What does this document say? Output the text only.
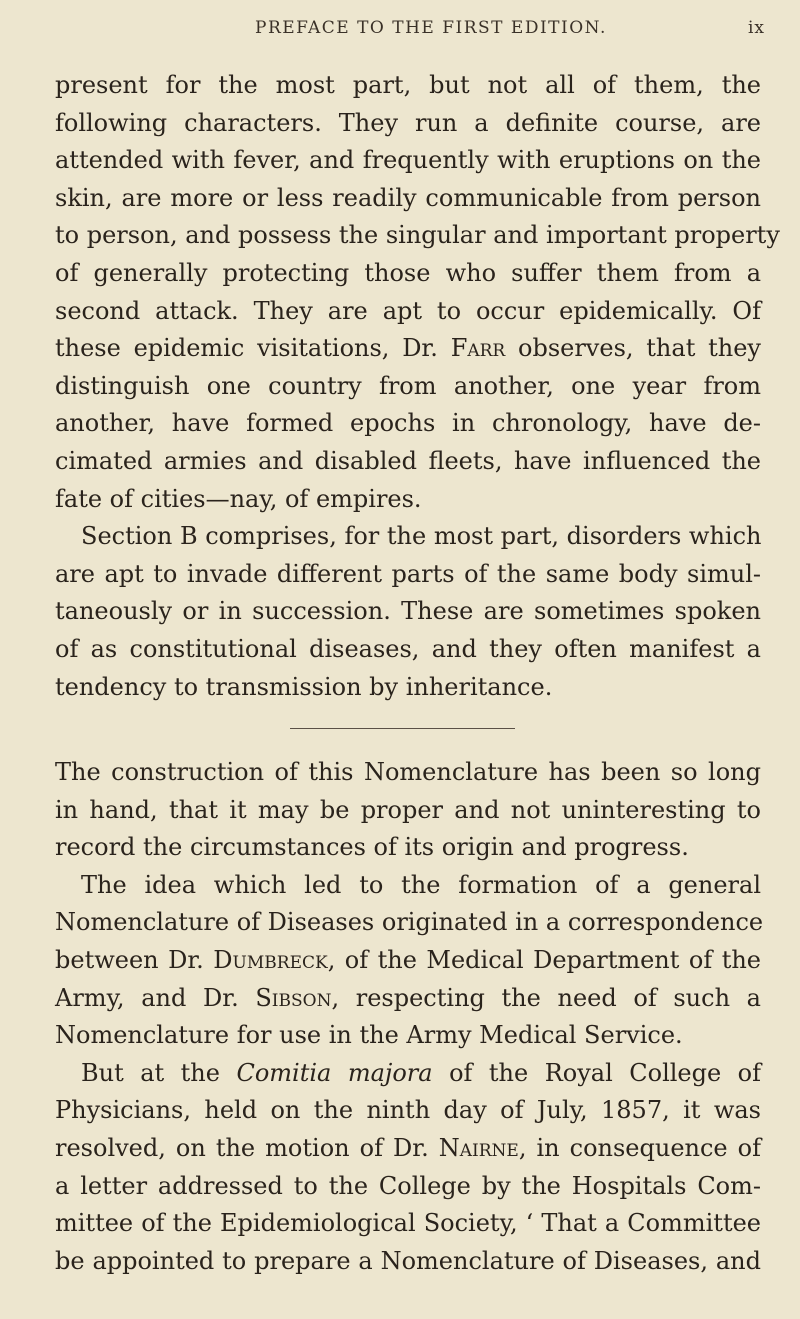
PREFACE TO THE FIRST EDITION.	ix
present for the most part, but not all of them, the
following characters. They run a definite course, are
attended with fever, and frequently with eruptions on the
skin, are more or less readily communicable from person
to person, and possess the singular and important property
of generally protecting those who suffer them from a
second attack. They are apt to occur epidemically. Of
these epidemic visitations, Dr. Farr observes, that they
distinguish one country from another, one year from
another, have formed epochs in chronology, have de-
cimated armies and disabled fleets, have influenced the
fate of cities—nay, of empires.
Section B comprises, for the most part, disorders which
are apt to invade different parts of the same body simul-
taneously or in succession. These are sometimes spoken
of as constitutional diseases, and they often manifest a
tendency to transmission by inheritance.
The construction of this Nomenclature has been so long
in hand, that it may be proper and not uninteresting to
record the circumstances of its origin and progress.
The idea which led to the formation of a general
Nomenclature of Diseases originated in a correspondence
between Dr. Dumbreck, of the Medical Department of the
Army, and Dr. Sibson, respecting the need of such a
Nomenclature for use in the Army Medical Service.
But at the Comitia majora of the Royal College of
Physicians, held on the ninth day of July, 1857, it was
resolved, on the motion of Dr. Nairne, in consequence of
a letter addressed to the College by the Hospitals Com-
mittee of the Epidemiological Society, ‘ That a Committee
be appointed to prepare a Nomenclature of Diseases, and
